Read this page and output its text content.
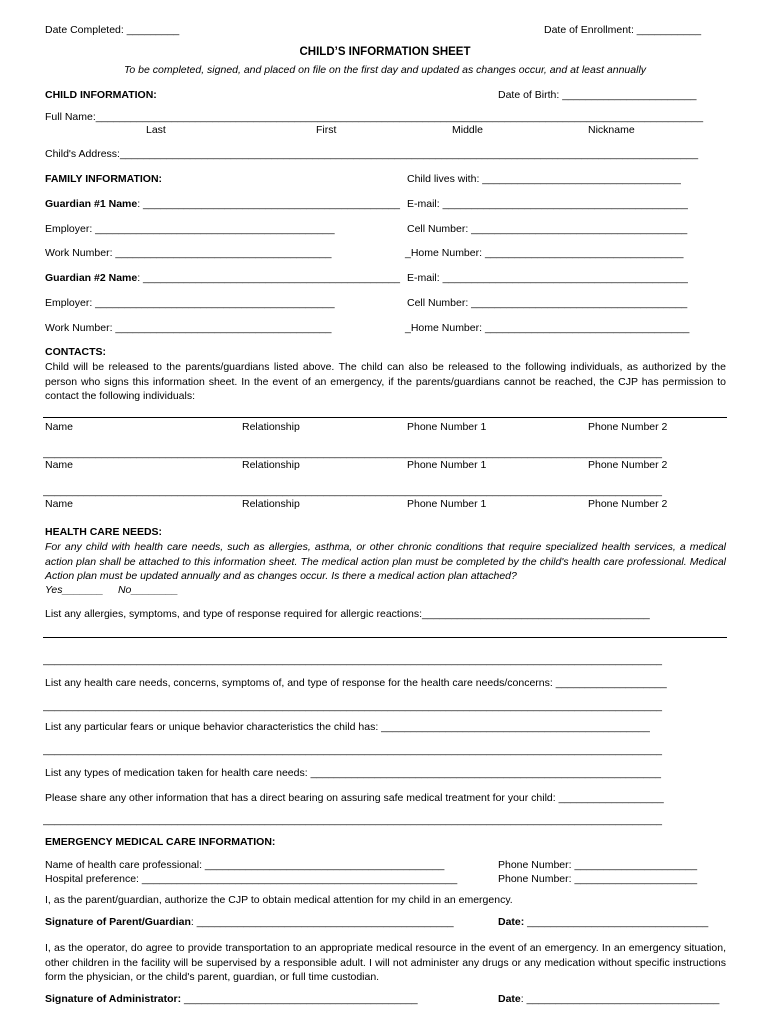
Date Completed: _________	Date of Enrollment: ___________
CHILD’S INFORMATION SHEET
To be completed, signed, and placed on file on the first day and updated as changes occur, and at least annually
CHILD INFORMATION:	Date of Birth: _______________________
Full Name:________________________________________________________________________________________________________
Last	First	Middle	Nickname
Child's Address:___________________________________________________________________________________________________
FAMILY INFORMATION:	Child lives with: __________________________________
Guardian #1 Name: ____________________________________________ E-mail: __________________________________________
Employer: _________________________________________	Cell Number: _____________________________________
Work Number: _____________________________________	_Home Number: __________________________________
Guardian #2 Name: ____________________________________________ E-mail: __________________________________________
Employer: _________________________________________	Cell Number: _____________________________________
Work Number: _____________________________________	_Home Number: ___________________________________
CONTACTS:
Child will be released to the parents/guardians listed above. The child can also be released to the following individuals, as authorized by the person who signs this information sheet. In the event of an emergency, if the parents/guardians cannot be reached, the CJP has permission to contact the following individuals:
Name	Relationship	Phone Number 1	Phone Number 2
__________________________________________________________________________________________________________
Name	Relationship	Phone Number 1	Phone Number 2
__________________________________________________________________________________________________________
Name	Relationship	Phone Number 1	Phone Number 2
HEALTH CARE NEEDS:
For any child with health care needs, such as allergies, asthma, or other chronic conditions that require specialized health services, a medical action plan shall be attached to this information sheet. The medical action plan must be completed by the child's health care professional. Medical Action plan must be updated annually and as changes occur. Is there a medical action plan attached?
Yes_______     No________
List any allergies, symptoms, and type of response required for allergic reactions:_______________________________________
__________________________________________________________________________________________________________
List any health care needs, concerns, symptoms of, and type of response for the health care needs/concerns: ___________________
__________________________________________________________________________________________________________
List any particular fears or unique behavior characteristics the child has: ______________________________________________
__________________________________________________________________________________________________________
List any types of medication taken for health care needs: ____________________________________________________________
Please share any other information that has a direct bearing on assuring safe medical treatment for your child: __________________
__________________________________________________________________________________________________________
EMERGENCY MEDICAL CARE INFORMATION:
Name of health care professional: _________________________________________	Phone Number: _____________________
Hospital preference: ______________________________________________________	Phone Number: _____________________
I, as the parent/guardian, authorize the CJP to obtain medical attention for my child in an emergency.
Signature of Parent/Guardian: ____________________________________________	Date: _______________________________
I, as the operator, do agree to provide transportation to an appropriate medical resource in the event of an emergency. In an emergency situation, other children in the facility will be supervised by a responsible adult. I will not administer any drugs or any medication without specific instructions form the physician, or the child's parent, guardian, or full time custodian.
Signature of Administrator: ________________________________________	Date: _________________________________
